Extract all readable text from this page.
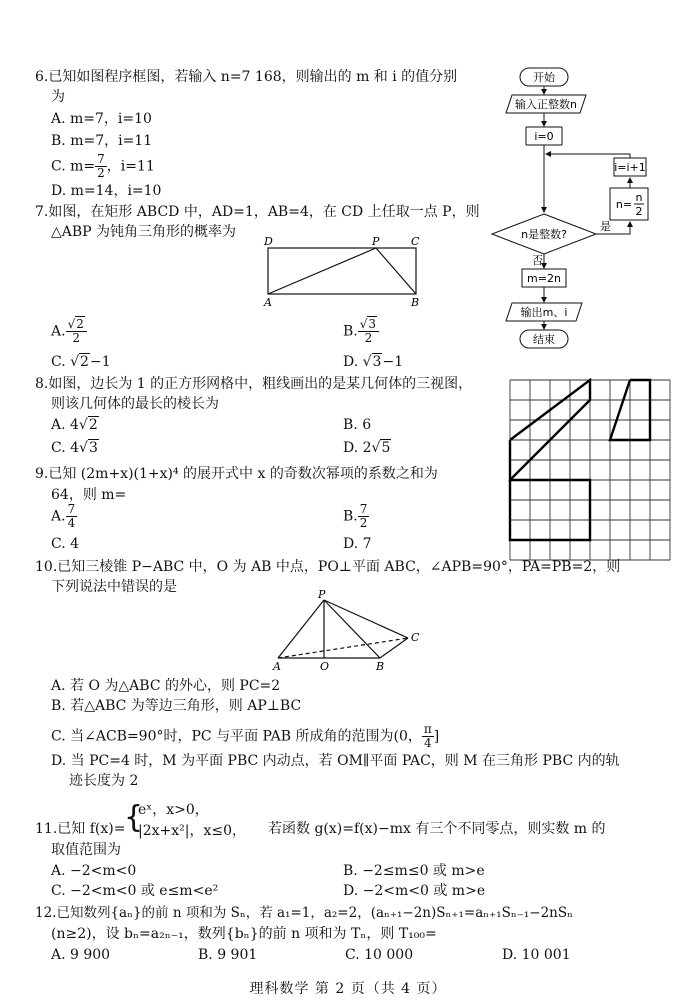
6.已知如图程序框图，若输入 n=7 168，则输出的 m 和 i 的值分别
为
A. m=7，i=10
B. m=7，i=11
C. $m= \frac{7}{2}$ ，i=11
D. m=14，i=10
开始
输入正整数n
i=0
i=i+1
n=
n
2
n是整数?
是
否
m=2n
输出m、i
结束
7.如图，在矩形 ABCD 中，AD=1，AB=4，在 CD 上任取一点 P，则
△ABP 为钝角三角形的概率为
D	P	C
A	B
A. $\frac{√2}{2}$	B. $\frac{√3}{2}$
C. √2−1	D. √3−1
8.如图，边长为 1 的正方形网格中，粗线画出的是某几何体的三视图，
则该几何体的最长的棱长为
A. 4√2	B. 6
C. 4√3	D. 2√5
9.已知 (2m+x)(1+x)⁴ 的展开式中 x 的奇数次幂项的系数之和为
64，则 m=
A. $\frac{7}{4}$	B. $\frac{7}{2}$
C. 4	D. 7
10.已知三棱锥 P−ABC 中，O 为 AB 中点，PO⊥平面 ABC，∠APB=90°，PA=PB=2，则
下列说法中错误的是	P
A	O	B
C
A. 若 O 为△ABC 的外心，则 PC=2
B. 若△ABC 为等边三角形，则 AP⊥BC
C. 当∠ACB=90°时，PC 与平面 PAB 所成角的范围为(0， $\frac{\pi}{4}$ ]
D. 当 PC=4 时，M 为平面 PBC 内动点，若 OM∥平面 PAC，则 M 在三角形 PBC 内的轨
迹长度为 2
11.已知 f(x)=
{
eˣ，x>0，
|2x+x²|，x≤0， 若函数 g(x)=f(x)−mx 有三个不同零点，则实数 m 的
取值范围为
A. −2<m<0	B. −2≤m≤0 或 m>e
C. −2<m<0 或 e≤m<e²	D. −2<m<0 或 m>e
12.已知数列{aₙ}的前 n 项和为 Sₙ，若 a₁=1，a₂=2，(aₙ₊₁−2n)Sₙ₊₁=aₙ₊₁Sₙ₋₁−2nSₙ
(n≥2)，设 bₙ=a₂ₙ₋₁，数列{bₙ}的前 n 项和为 Tₙ，则 T₁₀₀=
A. 9 900	B. 9 901	C. 10 000	D. 10 001
理科数学 第 2 页（共 4 页）
